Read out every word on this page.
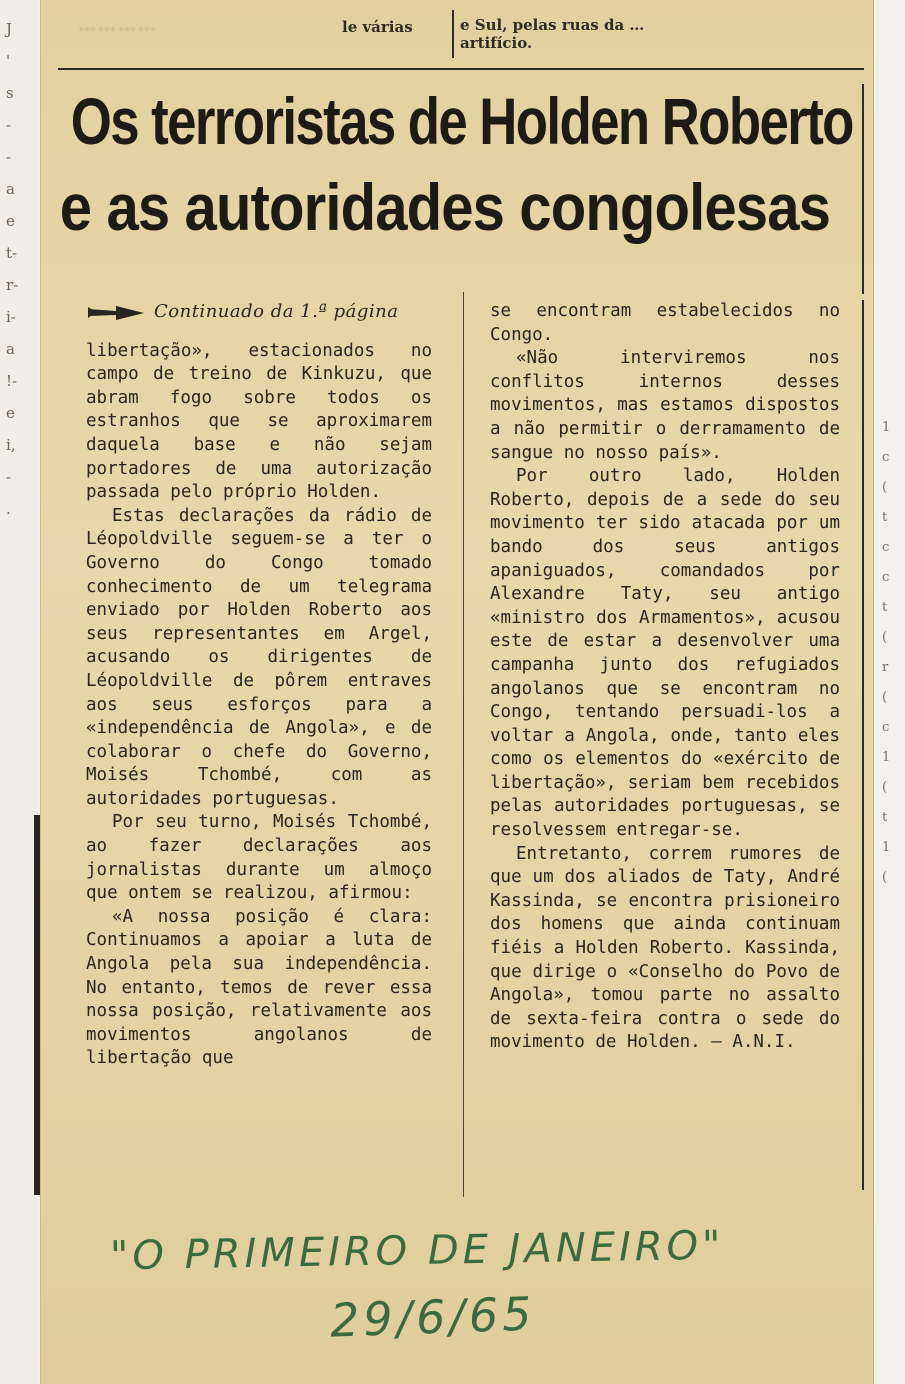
J
'
s
-
-
a
e
t-
r-
i-
a
!-
e
i,
-
.
1
c
(
t
c
c
t
(
r
(
c
1
(
t
1
(
…………	le várias	e Sul, pelas ruas da …
artifício.
Os terroristas de Holden Roberto
e as autoridades congolesas
Continuado da 1.ª página

libertação», estacionados no campo de treino de Kinkuzu, que abram fogo sobre todos os estranhos que se aproximarem daquela base e não sejam portadores de uma autorização passada pelo próprio Holden.

Estas declarações da rádio de Léopoldville seguem-se a ter o Governo do Congo tomado conhecimento de um telegrama enviado por Holden Roberto aos seus representantes em Argel, acusando os dirigentes de Léopoldville de pôrem entraves aos seus esforços para a «independência de Angola», e de colaborar o chefe do Governo, Moisés Tchombé, com as autoridades portuguesas.

Por seu turno, Moisés Tchombé, ao fazer declarações aos jornalistas durante um almoço que ontem se realizou, afirmou:

«A nossa posição é clara: Continuamos a apoiar a luta de Angola pela sua independência. No entanto, temos de rever essa nossa posição, relativamente aos movimentos angolanos de libertação que

se encontram estabelecidos no Congo.

«Não interviremos nos conflitos internos desses movimentos, mas estamos dispostos a não permitir o derramamento de sangue no nosso país».

Por outro lado, Holden Roberto, depois de a sede do seu movimento ter sido atacada por um bando dos seus antigos apaniguados, comandados por Alexandre Taty, seu antigo «ministro dos Armamentos», acusou este de estar a desenvolver uma campanha junto dos refugiados angolanos que se encontram no Congo, tentando persuadi-los a voltar a Angola, onde, tanto eles como os elementos do «exército de libertação», seriam bem recebidos pelas autoridades portuguesas, se resolvessem entregar-se.

Entretanto, correm rumores de que um dos aliados de Taty, André Kassinda, se encontra prisioneiro dos homens que ainda continuam fiéis a Holden Roberto. Kassinda, que dirige o «Conselho do Povo de Angola», tomou parte no assalto de sexta-feira contra o sede do movimento de Holden. — A.N.I.

"O PRIMEIRO DE JANEIRO"
29/6/65
